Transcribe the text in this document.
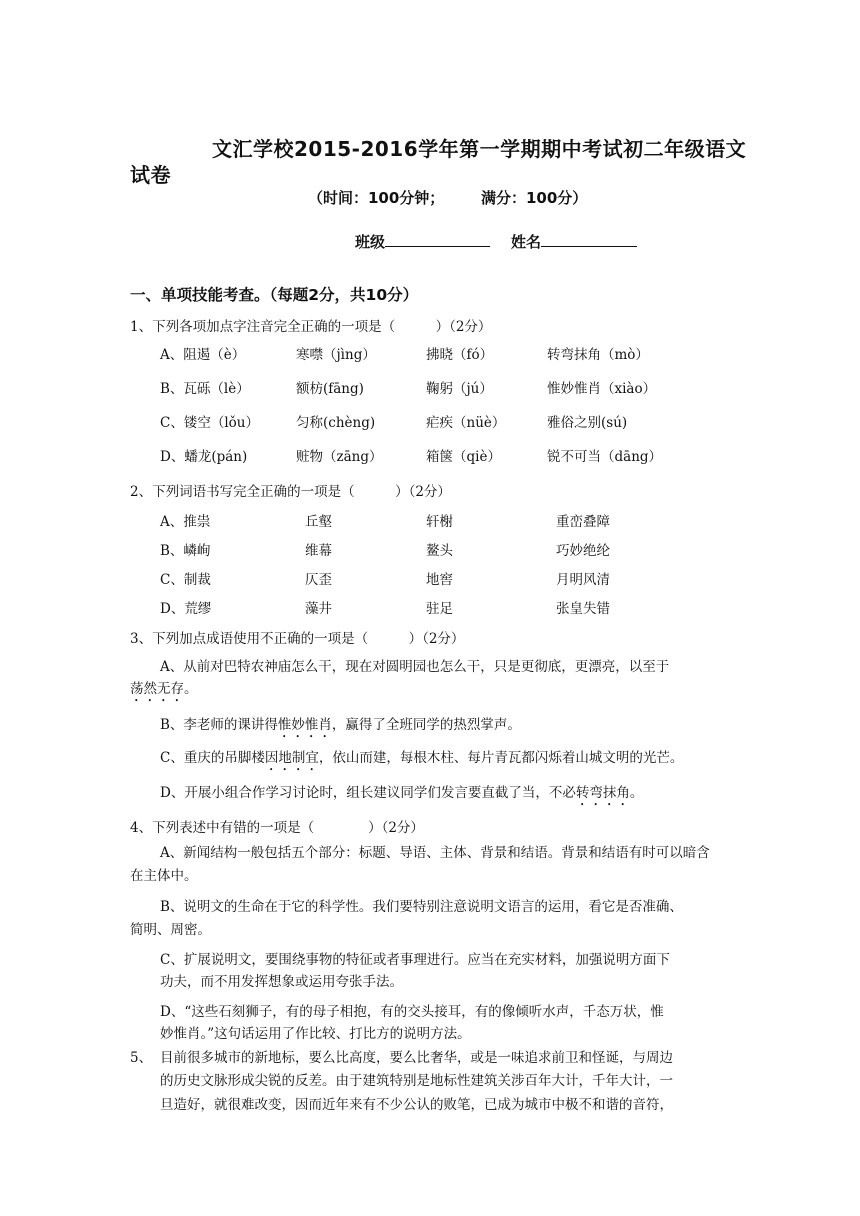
文汇学校2015-2016学年第一学期期中考试初二年级语文
试卷
（时间：100分钟； 满分：100分）
班级	姓名
一、单项技能考查。（每题2分，共10分）
1、下列各项加点字注音完全正确的一项是（　　　）（2分）
A、阻遏（è）	寒噤（jìng）	拂晓（fó）	转弯抹角（mò）
B、瓦砾（lè）	额枋(fāng)	鞠躬（jú）	惟妙惟肖（xiào）
C、镂空（lǒu）	匀称(chèng)	疟疾（nüè）	雅俗之别(sú)
D、蟠龙(pán)	赃物（zāng）	箱箧（qiè）	锐不可当（dāng）
2、下列词语书写完全正确的一项是（　　　）（2分）
A、推祟	丘壑	轩榭	重峦叠障
B、嶙峋	维幕	鳌头	巧妙绝纶
C、制裁	仄歪	地窖	月明风清
D、荒缪	藻井	驻足	张皇失错
3、下列加点成语使用不正确的一项是（　　　）（2分）
A、从前对巴特农神庙怎么干，现在对圆明园也怎么干，只是更彻底，更漂亮，以至于
荡然无存。
B、李老师的课讲得惟妙惟肖，赢得了全班同学的热烈掌声。
C、重庆的吊脚楼因地制宜，依山而建，每根木柱、每片青瓦都闪烁着山城文明的光芒。
D、开展小组合作学习讨论时，组长建议同学们发言要直截了当，不必转弯抹角。
4、下列表述中有错的一项是（　　　　）（2分）
A、新闻结构一般包括五个部分：标题、导语、主体、背景和结语。背景和结语有时可以暗含
在主体中。
B、说明文的生命在于它的科学性。我们要特别注意说明文语言的运用，看它是否准确、
简明、周密。
C、扩展说明文，要围绕事物的特征或者事理进行。应当在充实材料，加强说明方面下
功夫，而不用发挥想象或运用夸张手法。
D、“这些石刻狮子，有的母子相抱，有的交头接耳，有的像倾听水声，千态万状，惟
妙惟肖。”这句话运用了作比较、打比方的说明方法。
5、 目前很多城市的新地标，要么比高度，要么比奢华，或是一味追求前卫和怪诞，与周边
的历史文脉形成尖锐的反差。由于建筑特别是地标性建筑关涉百年大计，千年大计，一
旦造好，就很难改变，因而近年来有不少公认的败笔，已成为城市中极不和谐的音符，
